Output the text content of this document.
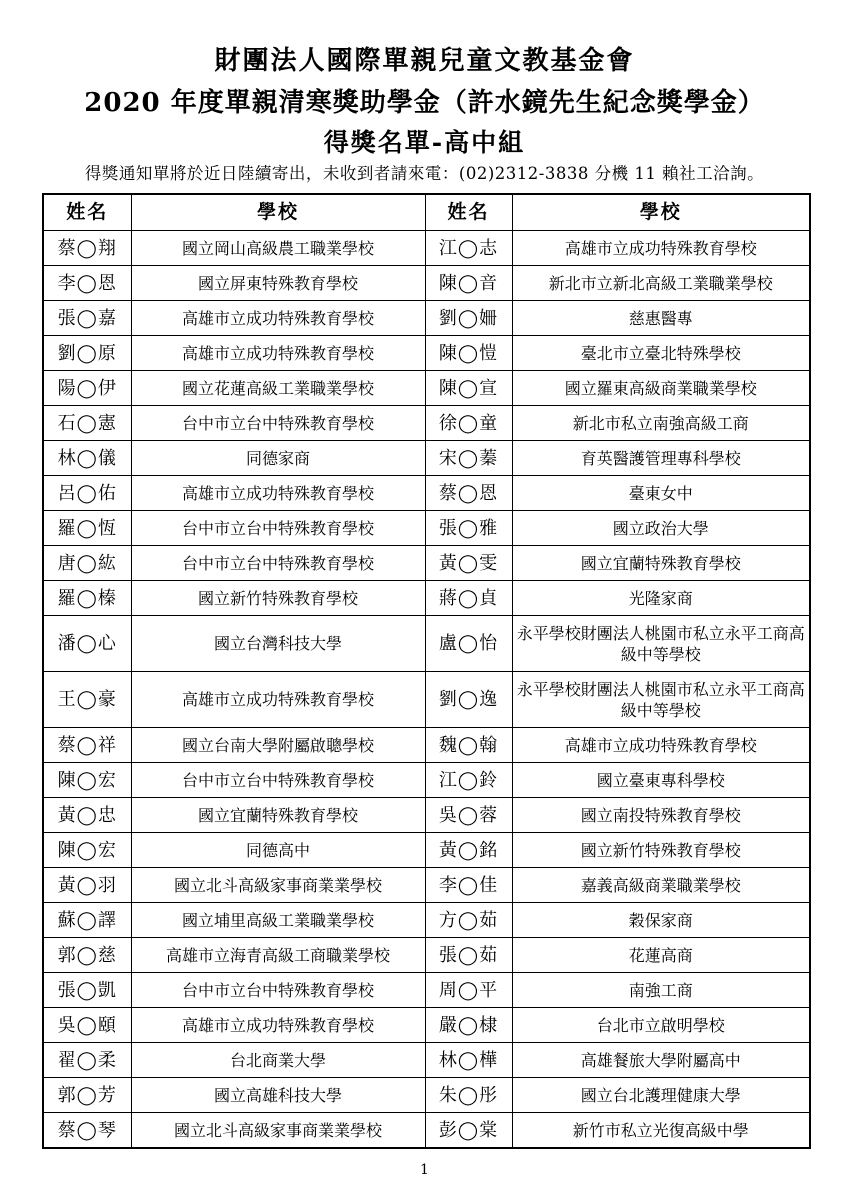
財團法人國際單親兒童文教基金會
2020 年度單親清寒獎助學金（許水鏡先生紀念獎學金）
得獎名單-高中組
得獎通知單將於近日陸續寄出，未收到者請來電：(02)2312-3838 分機 11 賴社工洽詢。
姓名	學校	姓名	學校
蔡◯翔	國立岡山高級農工職業學校	江◯志	高雄市立成功特殊教育學校
李◯恩	國立屏東特殊教育學校	陳◯音	新北市立新北高級工業職業學校
張◯嘉	高雄市立成功特殊教育學校	劉◯姍	慈惠醫專
劉◯原	高雄市立成功特殊教育學校	陳◯愷	臺北市立臺北特殊學校
陽◯伊	國立花蓮高級工業職業學校	陳◯宣	國立羅東高級商業職業學校
石◯憲	台中市立台中特殊教育學校	徐◯童	新北市私立南強高級工商
林◯儀	同德家商	宋◯蓁	育英醫護管理專科學校
呂◯佑	高雄市立成功特殊教育學校	蔡◯恩	臺東女中
羅◯恆	台中市立台中特殊教育學校	張◯雅	國立政治大學
唐◯紘	台中市立台中特殊教育學校	黃◯雯	國立宜蘭特殊教育學校
羅◯榛	國立新竹特殊教育學校	蔣◯貞	光隆家商
潘◯心	國立台灣科技大學	盧◯怡	永平學校財團法人桃園市私立永平工商高級中等學校
王◯豪	高雄市立成功特殊教育學校	劉◯逸	永平學校財團法人桃園市私立永平工商高級中等學校
蔡◯祥	國立台南大學附屬啟聰學校	魏◯翰	高雄市立成功特殊教育學校
陳◯宏	台中市立台中特殊教育學校	江◯鈴	國立臺東專科學校
黃◯忠	國立宜蘭特殊教育學校	吳◯蓉	國立南投特殊教育學校
陳◯宏	同德高中	黃◯銘	國立新竹特殊教育學校
黃◯羽	國立北斗高級家事商業業學校	李◯佳	嘉義高級商業職業學校
蘇◯譯	國立埔里高級工業職業學校	方◯茹	穀保家商
郭◯慈	高雄市立海青高級工商職業學校	張◯茹	花蓮高商
張◯凱	台中市立台中特殊教育學校	周◯平	南強工商
吳◯頤	高雄市立成功特殊教育學校	嚴◯棣	台北市立啟明學校
翟◯柔	台北商業大學	林◯樺	高雄餐旅大學附屬高中
郭◯芳	國立高雄科技大學	朱◯彤	國立台北護理健康大學
蔡◯琴	國立北斗高級家事商業業學校	彭◯棠	新竹市私立光復高級中學
1
